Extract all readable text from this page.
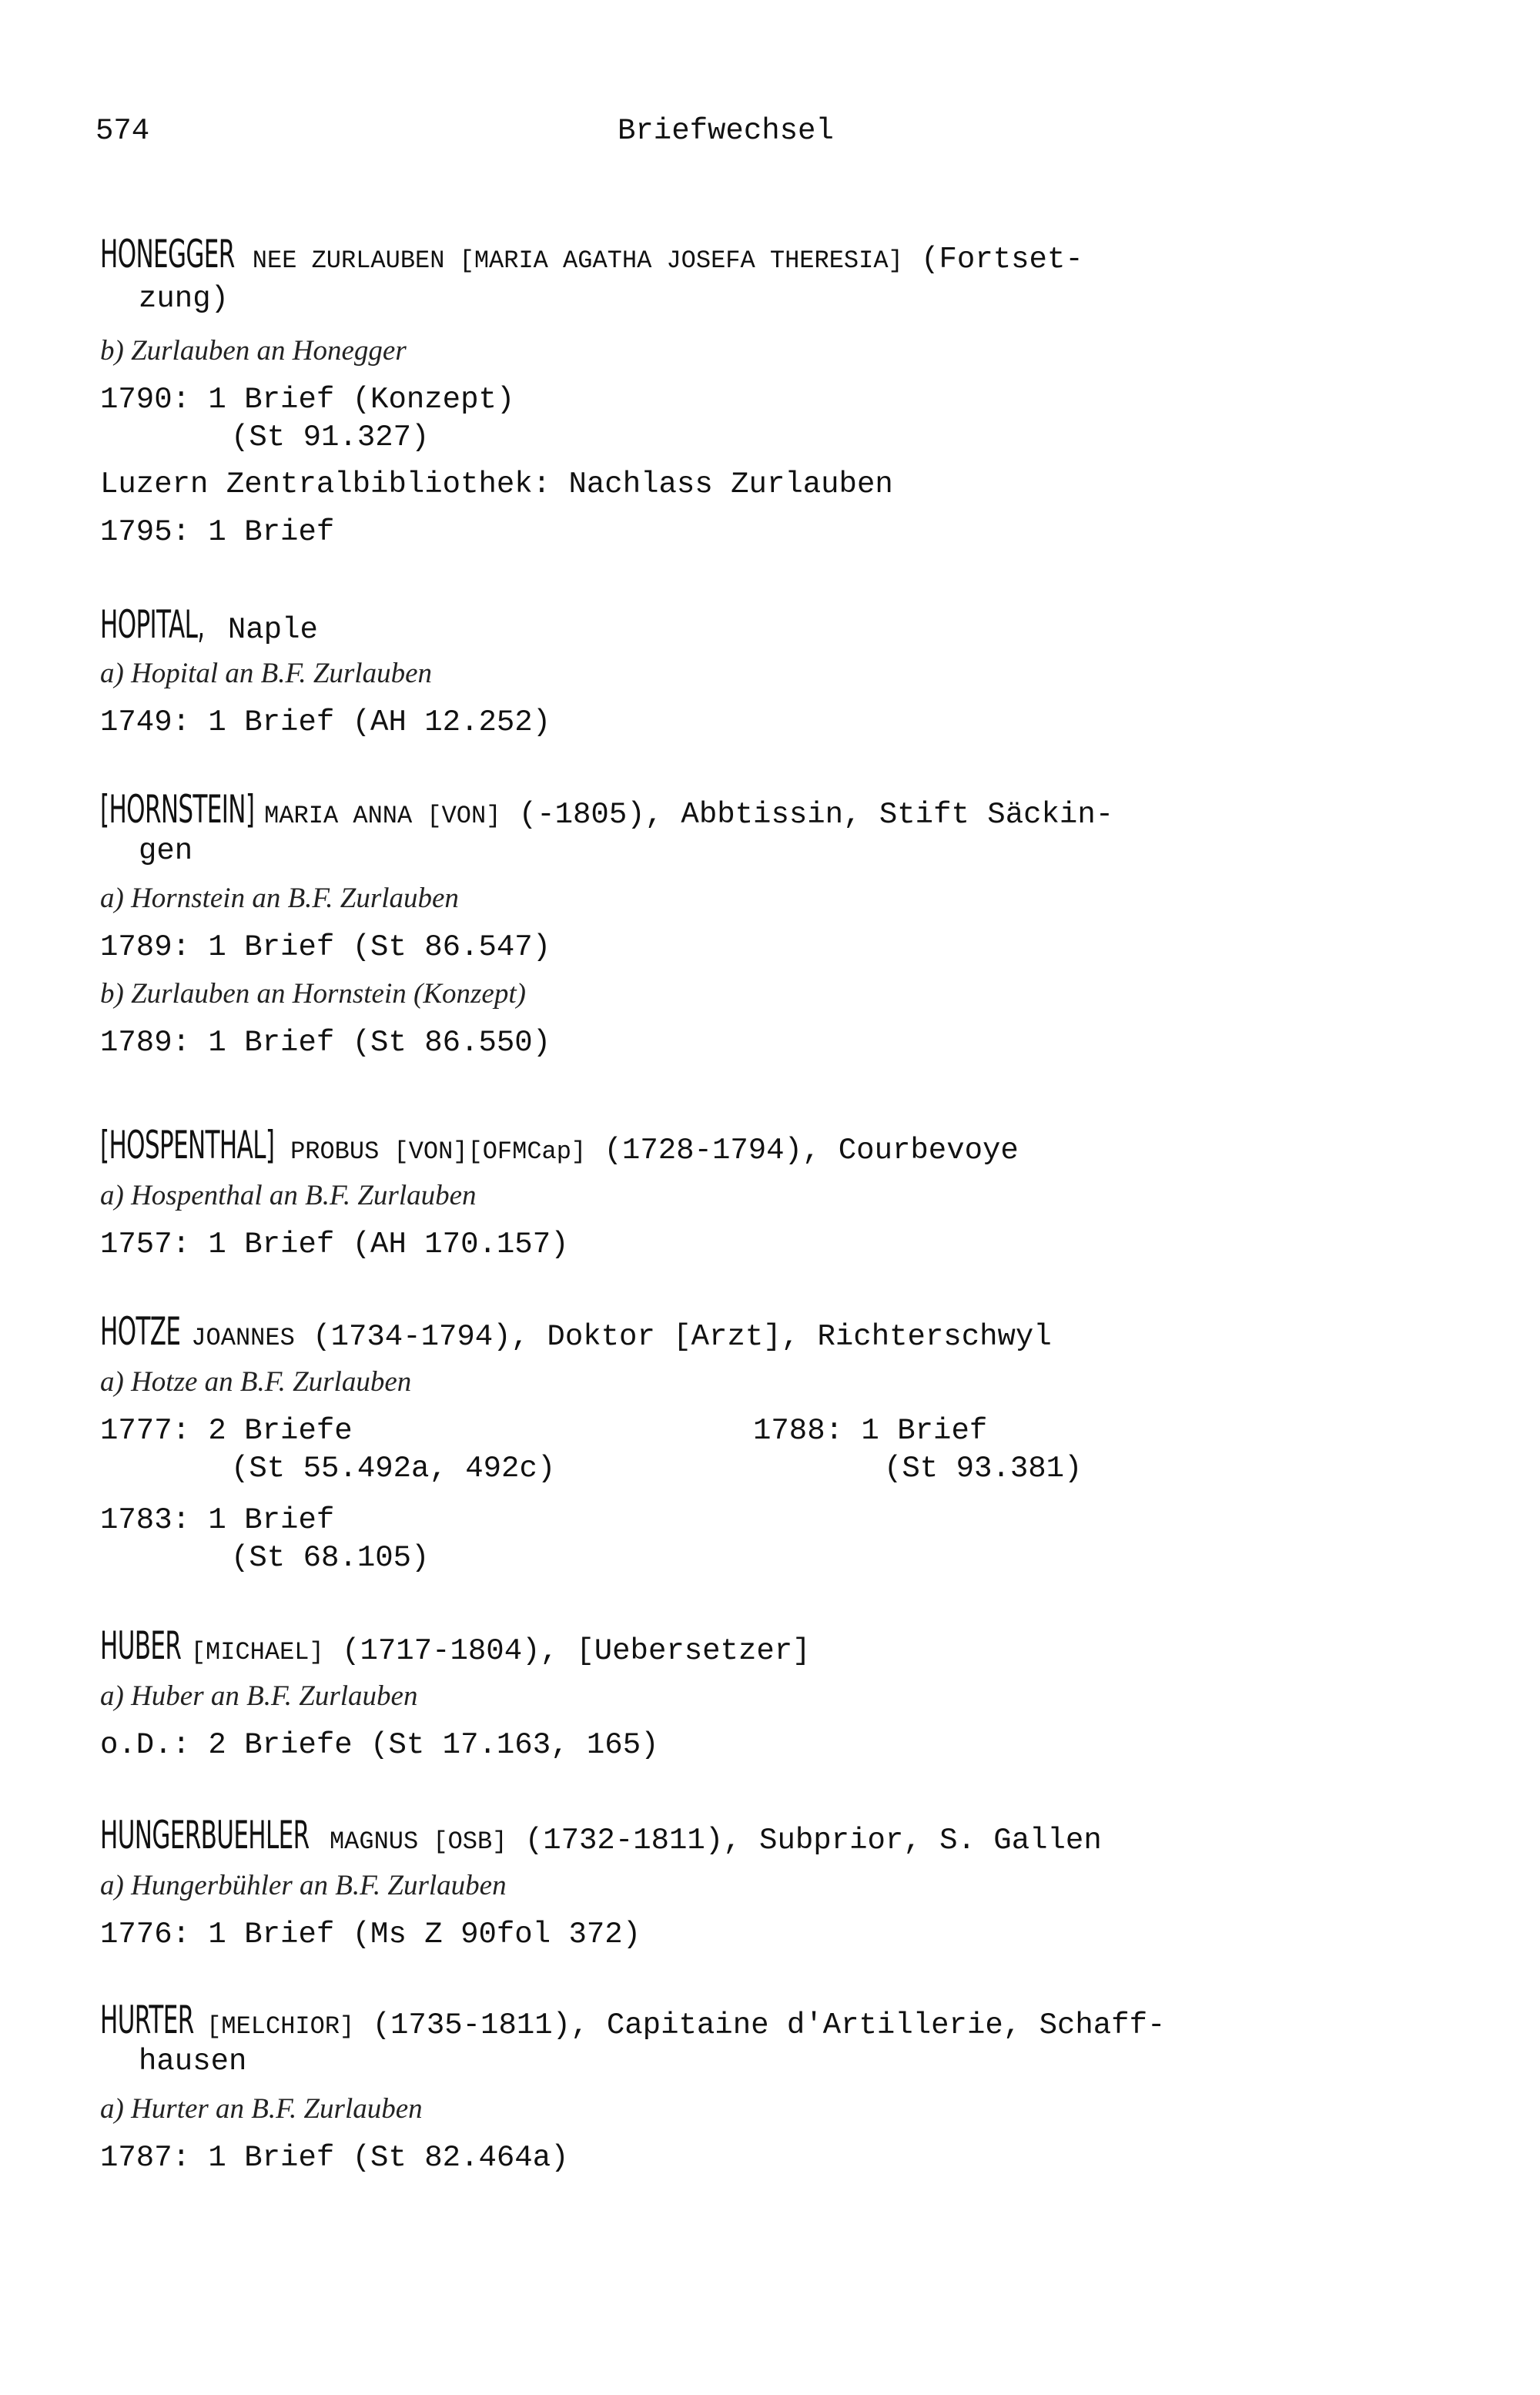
574	Briefwechsel
HONEGGER NEE ZURLAUBEN [MARIA AGATHA JOSEFA THERESIA] (Fortset-
zung)
b) Zurlauben an Honegger
1790: 1 Brief (Konzept)
(St 91.327)
Luzern Zentralbibliothek: Nachlass Zurlauben
1795: 1 Brief
HOPITAL, Naple
a) Hopital an B.F. Zurlauben
1749: 1 Brief (AH 12.252)
[HORNSTEIN] MARIA ANNA [VON] (-1805), Abbtissin, Stift Säckin-
gen
a) Hornstein an B.F. Zurlauben
1789: 1 Brief (St 86.547)
b) Zurlauben an Hornstein (Konzept)
1789: 1 Brief (St 86.550)
[HOSPENTHAL] PROBUS [VON][OFMCap] (1728-1794), Courbevoye
a) Hospenthal an B.F. Zurlauben
1757: 1 Brief (AH 170.157)
HOTZE JOANNES (1734-1794), Doktor [Arzt], Richterschwyl
a) Hotze an B.F. Zurlauben
1777: 2 Briefe
(St 55.492a, 492c)
1788: 1 Brief
(St 93.381)
1783: 1 Brief
(St 68.105)
HUBER [MICHAEL] (1717-1804), [Uebersetzer]
a) Huber an B.F. Zurlauben
o.D.: 2 Briefe (St 17.163, 165)
HUNGERBUEHLER MAGNUS [OSB] (1732-1811), Subprior, S. Gallen
a) Hungerbühler an B.F. Zurlauben
1776: 1 Brief (Ms Z 90fol 372)
HURTER [MELCHIOR] (1735-1811), Capitaine d'Artillerie, Schaff-
hausen
a) Hurter an B.F. Zurlauben
1787: 1 Brief (St 82.464a)
